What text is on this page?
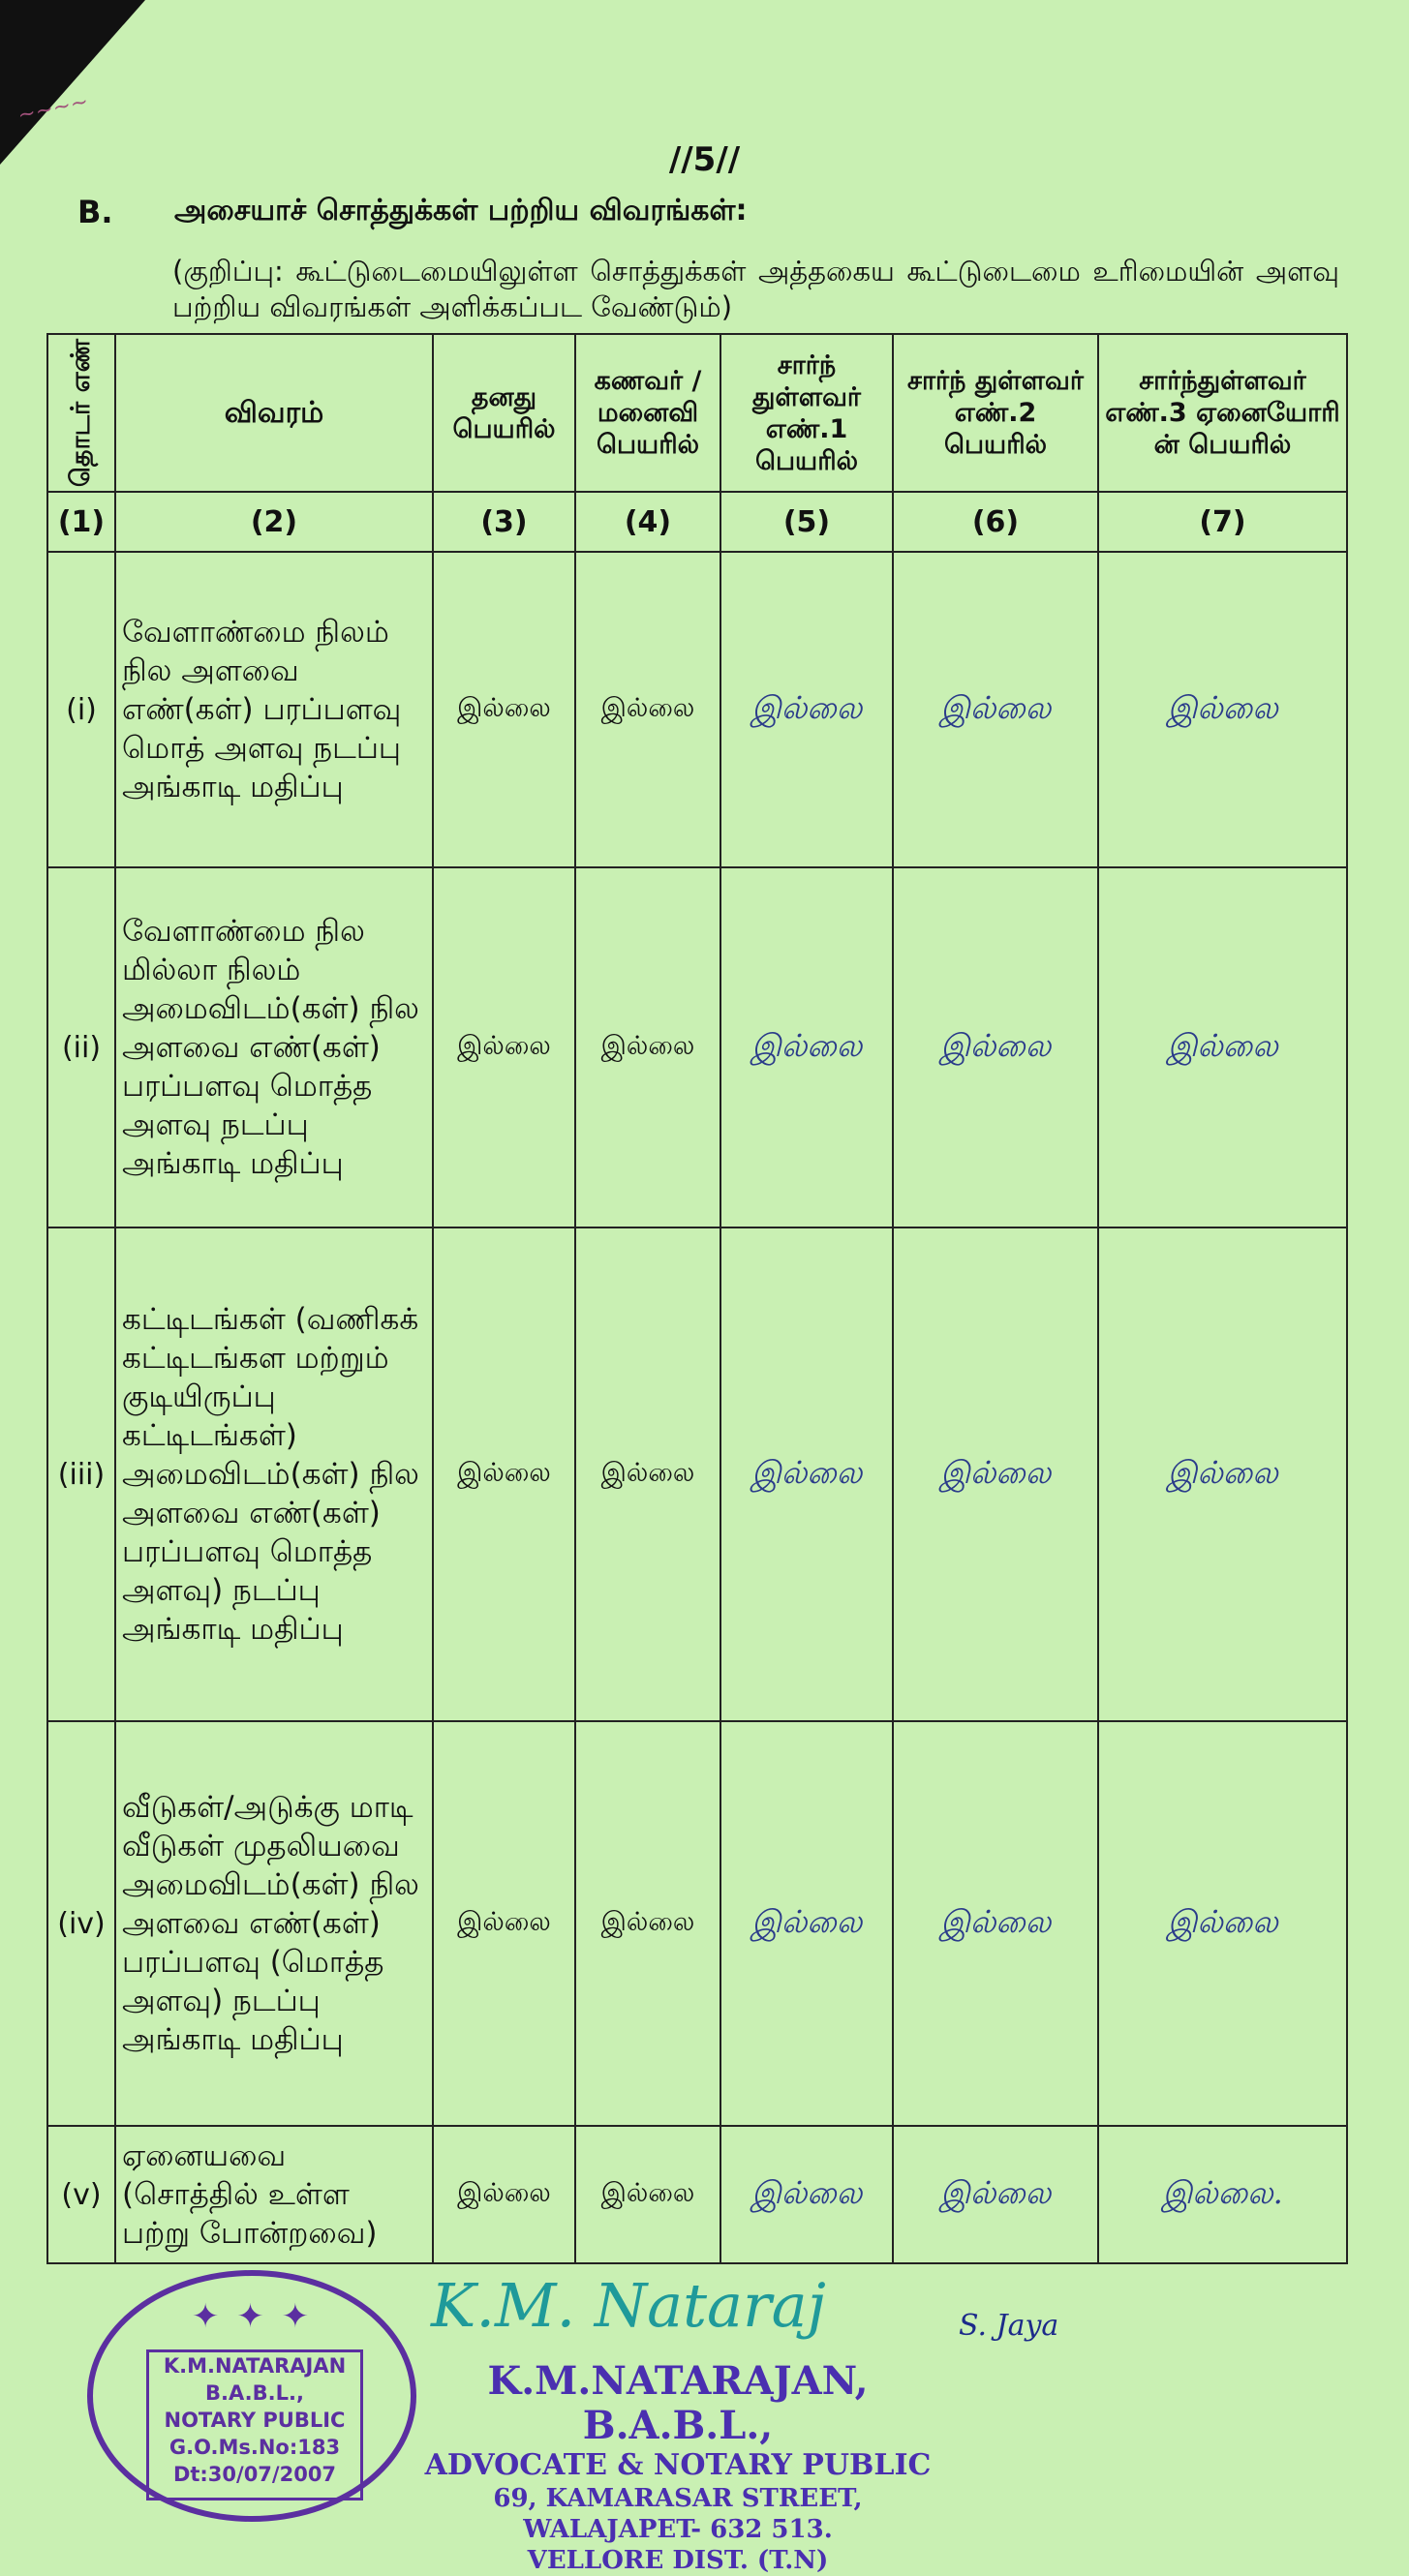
~~~~
//5//
B. அசையாச் சொத்துக்கள் பற்றிய விவரங்கள்:
(குறிப்பு: கூட்டுடைமையிலுள்ள சொத்துக்கள் அத்தகைய கூட்டுடைமை உரிமையின் அளவு பற்றிய விவரங்கள் அளிக்கப்பட வேண்டும்)
தொடர் எண்	விவரம்	தனது பெயரில்	கணவர் / மனைவி பெயரில்	சார்ந் துள்ளவர் எண்.1 பெயரில்	சார்ந் துள்ளவர் எண்.2 பெயரில்	சார்ந்துள்ளவர் எண்.3 ஏனையோரி ன் பெயரில்
(1)	(2)	(3)	(4)	(5)	(6)	(7)
(i)	வேளாண்மை நிலம் நில அளவை எண்(கள்) பரப்பளவு மொத் அளவு நடப்பு அங்காடி மதிப்பு	இல்லை	இல்லை	இல்லை	இல்லை	இல்லை
(ii)	வேளாண்மை நில மில்லா நிலம் அமைவிடம்(கள்) நில அளவை எண்(கள்) பரப்பளவு மொத்த அளவு நடப்பு அங்காடி மதிப்பு	இல்லை	இல்லை	இல்லை	இல்லை	இல்லை
(iii)	கட்டிடங்கள் (வணிகக் கட்டிடங்கள மற்றும் குடியிருப்பு கட்டிடங்கள்) அமைவிடம்(கள்) நில அளவை எண்(கள்) பரப்பளவு மொத்த அளவு) நடப்பு அங்காடி மதிப்பு	இல்லை	இல்லை	இல்லை	இல்லை	இல்லை
(iv)	வீடுகள்/அடுக்கு மாடி வீடுகள் முதலியவை அமைவிடம்(கள்) நில அளவை எண்(கள்) பரப்பளவு (மொத்த அளவு) நடப்பு அங்காடி மதிப்பு	இல்லை	இல்லை	இல்லை	இல்லை	இல்லை
(v)	ஏனையவை (சொத்தில் உள்ள பற்று போன்றவை)	இல்லை	இல்லை	இல்லை	இல்லை	இல்லை.
✦ ✦ ✦
K.M.NATARAJAN
B.A.B.L.,
NOTARY PUBLIC
G.O.Ms.No:183
Dt:30/07/2007
K.M. Nataraj	S. Jaya
K.M.NATARAJAN, B.A.B.L.,
ADVOCATE & NOTARY PUBLIC
69, KAMARASAR STREET,
WALAJAPET- 632 513.
VELLORE DIST. (T.N)
